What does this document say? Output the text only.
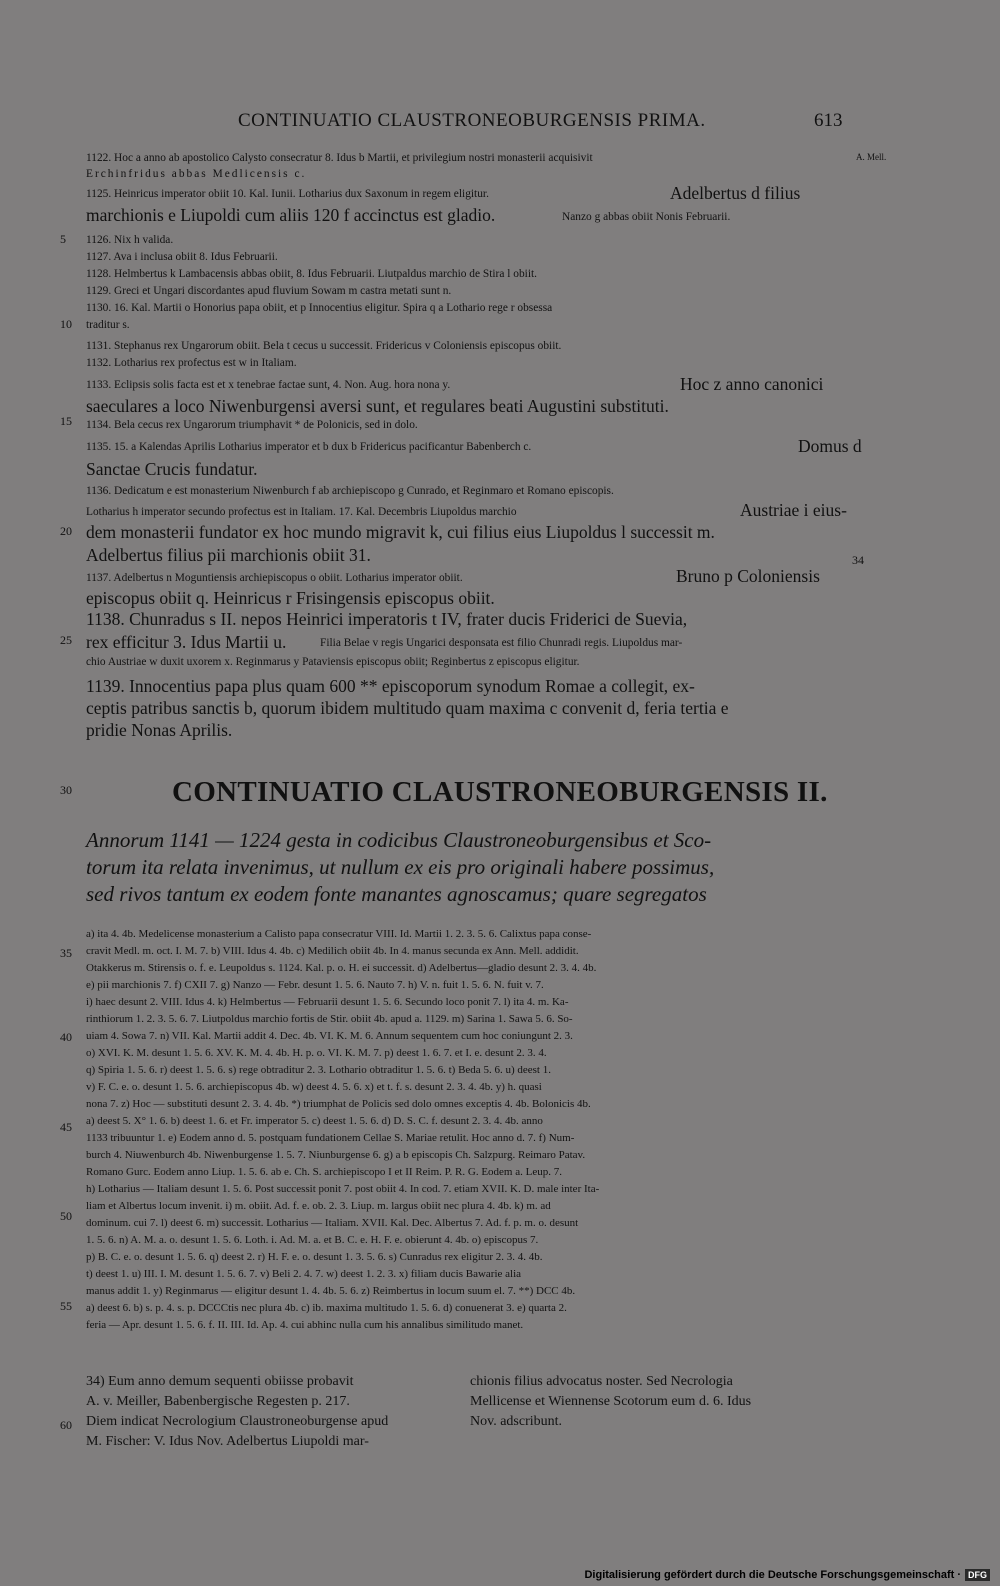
CONTINUATIO CLAUSTRONEOBURGENSIS PRIMA.	613
A. Mell.
5
10
15
20
25
30
35
40
45
50
55
60
34
1122. Hoc a anno ab apostolico Calysto consecratur 8. Idus b Martii, et privilegium nostri monasterii acquisivit
Erchinfridus abbas Medlicensis c.
1125. Heinricus imperator obiit 10. Kal. Iunii. Lotharius dux Saxonum in regem eligitur.	Adelbertus d filius
marchionis e Liupoldi cum aliis 120 f accinctus est gladio.	Nanzo g abbas obiit Nonis Februarii.
1126. Nix h valida.
1127. Ava i inclusa obiit 8. Idus Februarii.
1128. Helmbertus k Lambacensis abbas obiit, 8. Idus Februarii. Liutpaldus marchio de Stira l obiit.
1129. Greci et Ungari discordantes apud fluvium Sowam m castra metati sunt n.
1130. 16. Kal. Martii o Honorius papa obiit, et p Innocentius eligitur. Spira q a Lothario rege r obsessa
traditur s.
1131. Stephanus rex Ungarorum obiit. Bela t cecus u successit. Fridericus v Coloniensis episcopus obiit.
1132. Lotharius rex profectus est w in Italiam.
1133. Eclipsis solis facta est et x tenebrae factae sunt, 4. Non. Aug. hora nona y.	Hoc z anno canonici
saeculares a loco Niwenburgensi aversi sunt, et regulares beati Augustini substituti.
1134. Bela cecus rex Ungarorum triumphavit * de Polonicis, sed in dolo.
1135. 15. a Kalendas Aprilis Lotharius imperator et b dux b Fridericus pacificantur Babenberch c.	Domus d
Sanctae Crucis fundatur.
1136. Dedicatum e est monasterium Niwenburch f ab archiepiscopo g Cunrado, et Reginmaro et Romano episcopis.
Lotharius h imperator secundo profectus est in Italiam. 17. Kal. Decembris Liupoldus marchio	Austriae i eius-
dem monasterii fundator ex hoc mundo migravit k, cui filius eius Liupoldus l successit m.
Adelbertus filius pii marchionis obiit 31.
1137. Adelbertus n Moguntiensis archiepiscopus o obiit. Lotharius imperator obiit.	Bruno p Coloniensis
episcopus obiit q. Heinricus r Frisingensis episcopus obiit.
1138. Chunradus s II. nepos Heinrici imperatoris t IV, frater ducis Friderici de Suevia,
rex efficitur 3. Idus Martii u.	Filia Belae v regis Ungarici desponsata est filio Chunradi regis. Liupoldus mar-
chio Austriae w duxit uxorem x. Reginmarus y Pataviensis episcopus obiit; Reginbertus z episcopus eligitur.
1139. Innocentius papa plus quam 600 ** episcoporum synodum Romae a collegit, ex-
ceptis patribus sanctis b, quorum ibidem multitudo quam maxima c convenit d, feria tertia e
pridie Nonas Aprilis.
CONTINUATIO CLAUSTRONEOBURGENSIS II.
Annorum 1141 — 1224 gesta in codicibus Claustroneoburgensibus et Sco-
torum ita relata invenimus, ut nullum ex eis pro originali habere possimus,
sed rivos tantum ex eodem fonte manantes agnoscamus; quare segregatos
a) ita 4. 4b. Medelicense monasterium a Calisto papa consecratur VIII. Id. Martii 1. 2. 3. 5. 6. Calixtus papa conse-
cravit Medl. m. oct. I. M. 7. b) VIII. Idus 4. 4b. c) Medilich obiit 4b. In 4. manus secunda ex Ann. Mell. addidit.
Otakkerus m. Stirensis o. f. e. Leupoldus s. 1124. Kal. p. o. H. ei successit. d) Adelbertus—gladio desunt 2. 3. 4. 4b.
e) pii marchionis 7. f) CXII 7. g) Nanzo — Febr. desunt 1. 5. 6. Nauto 7. h) V. n. fuit 1. 5. 6. N. fuit v. 7.
i) haec desunt 2. VIII. Idus 4. k) Helmbertus — Februarii desunt 1. 5. 6. Secundo loco ponit 7. l) ita 4. m. Ka-
rinthiorum 1. 2. 3. 5. 6. 7. Liutpoldus marchio fortis de Stir. obiit 4b. apud a. 1129. m) Sarina 1. Sawa 5. 6. So-
uiam 4. Sowa 7. n) VII. Kal. Martii addit 4. Dec. 4b. VI. K. M. 6. Annum sequentem cum hoc coniungunt 2. 3.
o) XVI. K. M. desunt 1. 5. 6. XV. K. M. 4. 4b. H. p. o. VI. K. M. 7. p) deest 1. 6. 7. et I. e. desunt 2. 3. 4.
q) Spiria 1. 5. 6. r) deest 1. 5. 6. s) rege obtraditur 2. 3. Lothario obtraditur 1. 5. 6. t) Beda 5. 6. u) deest 1.
v) F. C. e. o. desunt 1. 5. 6. archiepiscopus 4b. w) deest 4. 5. 6. x) et t. f. s. desunt 2. 3. 4. 4b. y) h. quasi
nona 7. z) Hoc — substituti desunt 2. 3. 4. 4b. *) triumphat de Policis sed dolo omnes exceptis 4. 4b. Bolonicis 4b.
a) deest 5. X° 1. 6. b) deest 1. 6. et Fr. imperator 5. c) deest 1. 5. 6. d) D. S. C. f. desunt 2. 3. 4. 4b. anno
1133 tribuuntur 1. e) Eodem anno d. 5. postquam fundationem Cellae S. Mariae retulit. Hoc anno d. 7. f) Num-
burch 4. Niuwenburch 4b. Niwenburgense 1. 5. 7. Niunburgense 6. g) a b episcopis Ch. Salzpurg. Reimaro Patav.
Romano Gurc. Eodem anno Liup. 1. 5. 6. ab e. Ch. S. archiepiscopo I et II Reim. P. R. G. Eodem a. Leup. 7.
h) Lotharius — Italiam desunt 1. 5. 6. Post successit ponit 7. post obiit 4. In cod. 7. etiam XVII. K. D. male inter Ita-
liam et Albertus locum invenit. i) m. obiit. Ad. f. e. ob. 2. 3. Liup. m. largus obiit nec plura 4. 4b. k) m. ad
dominum. cui 7. l) deest 6. m) successit. Lotharius — Italiam. XVII. Kal. Dec. Albertus 7. Ad. f. p. m. o. desunt
1. 5. 6. n) A. M. a. o. desunt 1. 5. 6. Loth. i. Ad. M. a. et B. C. e. H. F. e. obierunt 4. 4b. o) episcopus 7.
p) B. C. e. o. desunt 1. 5. 6. q) deest 2. r) H. F. e. o. desunt 1. 3. 5. 6. s) Cunradus rex eligitur 2. 3. 4. 4b.
t) deest 1. u) III. I. M. desunt 1. 5. 6. 7. v) Beli 2. 4. 7. w) deest 1. 2. 3. x) filiam ducis Bawarie alia
manus addit 1. y) Reginmarus — eligitur desunt 1. 4. 4b. 5. 6. z) Reimbertus in locum suum el. 7. **) DCC 4b.
a) deest 6. b) s. p. 4. s. p. DCCCtis nec plura 4b. c) ib. maxima multitudo 1. 5. 6. d) conuenerat 3. e) quarta 2.
feria — Apr. desunt 1. 5. 6. f. II. III. Id. Ap. 4. cui abhinc nulla cum his annalibus similitudo manet.
34) Eum anno demum sequenti obiisse probavit
A. v. Meiller, Babenbergische Regesten p. 217.
Diem indicat Necrologium Claustroneoburgense apud
M. Fischer: V. Idus Nov. Adelbertus Liupoldi mar-
chionis filius advocatus noster. Sed Necrologia
Mellicense et Wiennense Scotorum eum d. 6. Idus
Nov. adscribunt.
Digitalisierung gefördert durch die Deutsche Forschungsgemeinschaft · DFG
